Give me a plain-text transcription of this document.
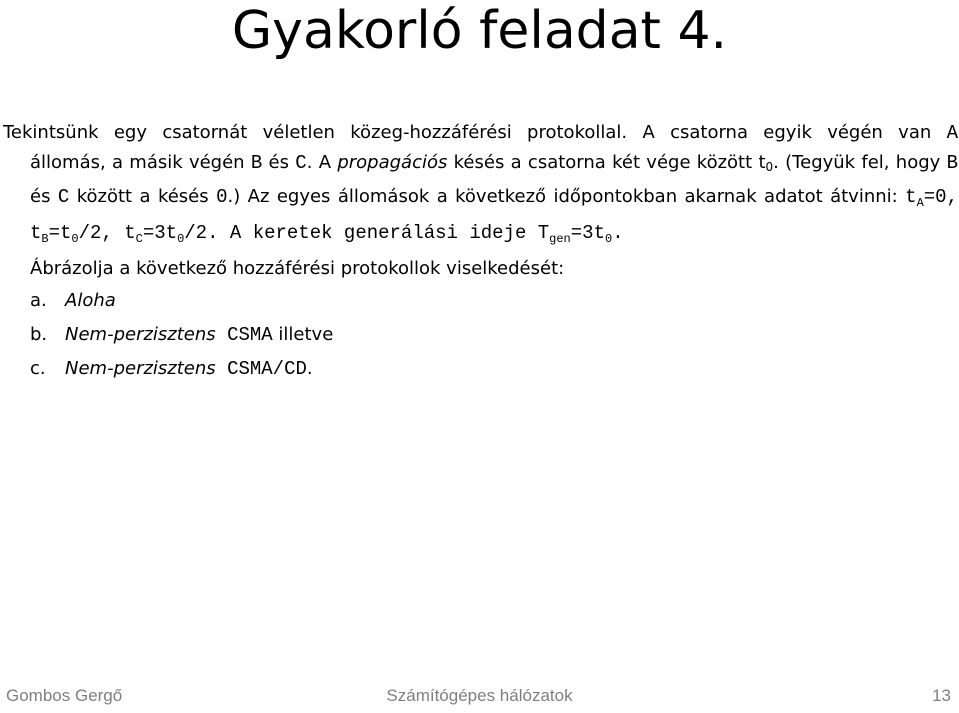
Gyakorló feladat 4.
Tekintsünk egy csatornát véletlen közeg-hozzáférési protokollal. A csatorna egyik végén van A
állomás, a másik végén B és C. A propagációs késés a csatorna két vége között $t_0$. (Tegyük fel, hogy B és C között a késés 0.) Az egyes állomások a következő időpontokban akarnak adatot átvinni: $t_A=0$, $t_B=t_0/2$, $t_C=3t_0/2$. A keretek generálási ideje $T_{gen}=3t_0$.
Ábrázolja a következő hozzáférési protokollok viselkedését:
a.	Aloha
b. Nem-perzisztens CSMA illetve
c.	Nem-perzisztens CSMA/CD.
Gombos Gergő	Számítógépes hálózatok	13
